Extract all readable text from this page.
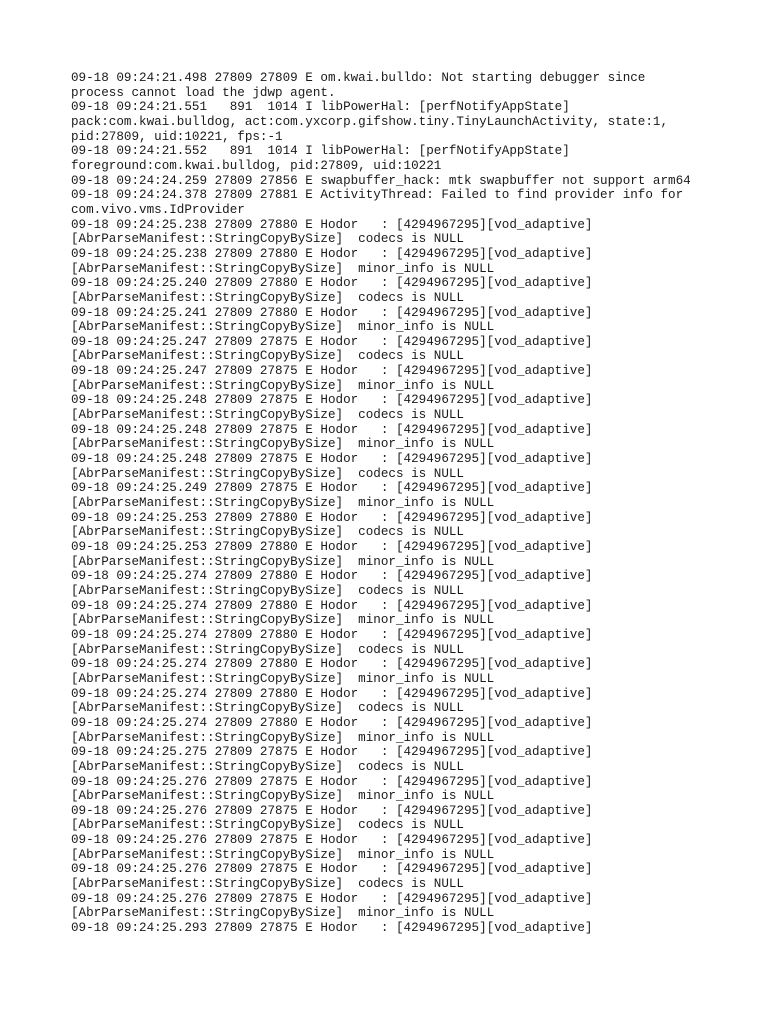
09-18 09:24:21.498 27809 27809 E om.kwai.bulldo: Not starting debugger since
process cannot load the jdwp agent.
09-18 09:24:21.551   891  1014 I libPowerHal: [perfNotifyAppState]
pack:com.kwai.bulldog, act:com.yxcorp.gifshow.tiny.TinyLaunchActivity, state:1,
pid:27809, uid:10221, fps:-1
09-18 09:24:21.552   891  1014 I libPowerHal: [perfNotifyAppState]
foreground:com.kwai.bulldog, pid:27809, uid:10221
09-18 09:24:24.259 27809 27856 E swapbuffer_hack: mtk swapbuffer not support arm64
09-18 09:24:24.378 27809 27881 E ActivityThread: Failed to find provider info for
com.vivo.vms.IdProvider
09-18 09:24:25.238 27809 27880 E Hodor   : [4294967295][vod_adaptive]
[AbrParseManifest::StringCopyBySize]  codecs is NULL
09-18 09:24:25.238 27809 27880 E Hodor   : [4294967295][vod_adaptive]
[AbrParseManifest::StringCopyBySize]  minor_info is NULL
09-18 09:24:25.240 27809 27880 E Hodor   : [4294967295][vod_adaptive]
[AbrParseManifest::StringCopyBySize]  codecs is NULL
09-18 09:24:25.241 27809 27880 E Hodor   : [4294967295][vod_adaptive]
[AbrParseManifest::StringCopyBySize]  minor_info is NULL
09-18 09:24:25.247 27809 27875 E Hodor   : [4294967295][vod_adaptive]
[AbrParseManifest::StringCopyBySize]  codecs is NULL
09-18 09:24:25.247 27809 27875 E Hodor   : [4294967295][vod_adaptive]
[AbrParseManifest::StringCopyBySize]  minor_info is NULL
09-18 09:24:25.248 27809 27875 E Hodor   : [4294967295][vod_adaptive]
[AbrParseManifest::StringCopyBySize]  codecs is NULL
09-18 09:24:25.248 27809 27875 E Hodor   : [4294967295][vod_adaptive]
[AbrParseManifest::StringCopyBySize]  minor_info is NULL
09-18 09:24:25.248 27809 27875 E Hodor   : [4294967295][vod_adaptive]
[AbrParseManifest::StringCopyBySize]  codecs is NULL
09-18 09:24:25.249 27809 27875 E Hodor   : [4294967295][vod_adaptive]
[AbrParseManifest::StringCopyBySize]  minor_info is NULL
09-18 09:24:25.253 27809 27880 E Hodor   : [4294967295][vod_adaptive]
[AbrParseManifest::StringCopyBySize]  codecs is NULL
09-18 09:24:25.253 27809 27880 E Hodor   : [4294967295][vod_adaptive]
[AbrParseManifest::StringCopyBySize]  minor_info is NULL
09-18 09:24:25.274 27809 27880 E Hodor   : [4294967295][vod_adaptive]
[AbrParseManifest::StringCopyBySize]  codecs is NULL
09-18 09:24:25.274 27809 27880 E Hodor   : [4294967295][vod_adaptive]
[AbrParseManifest::StringCopyBySize]  minor_info is NULL
09-18 09:24:25.274 27809 27880 E Hodor   : [4294967295][vod_adaptive]
[AbrParseManifest::StringCopyBySize]  codecs is NULL
09-18 09:24:25.274 27809 27880 E Hodor   : [4294967295][vod_adaptive]
[AbrParseManifest::StringCopyBySize]  minor_info is NULL
09-18 09:24:25.274 27809 27880 E Hodor   : [4294967295][vod_adaptive]
[AbrParseManifest::StringCopyBySize]  codecs is NULL
09-18 09:24:25.274 27809 27880 E Hodor   : [4294967295][vod_adaptive]
[AbrParseManifest::StringCopyBySize]  minor_info is NULL
09-18 09:24:25.275 27809 27875 E Hodor   : [4294967295][vod_adaptive]
[AbrParseManifest::StringCopyBySize]  codecs is NULL
09-18 09:24:25.276 27809 27875 E Hodor   : [4294967295][vod_adaptive]
[AbrParseManifest::StringCopyBySize]  minor_info is NULL
09-18 09:24:25.276 27809 27875 E Hodor   : [4294967295][vod_adaptive]
[AbrParseManifest::StringCopyBySize]  codecs is NULL
09-18 09:24:25.276 27809 27875 E Hodor   : [4294967295][vod_adaptive]
[AbrParseManifest::StringCopyBySize]  minor_info is NULL
09-18 09:24:25.276 27809 27875 E Hodor   : [4294967295][vod_adaptive]
[AbrParseManifest::StringCopyBySize]  codecs is NULL
09-18 09:24:25.276 27809 27875 E Hodor   : [4294967295][vod_adaptive]
[AbrParseManifest::StringCopyBySize]  minor_info is NULL
09-18 09:24:25.293 27809 27875 E Hodor   : [4294967295][vod_adaptive]
